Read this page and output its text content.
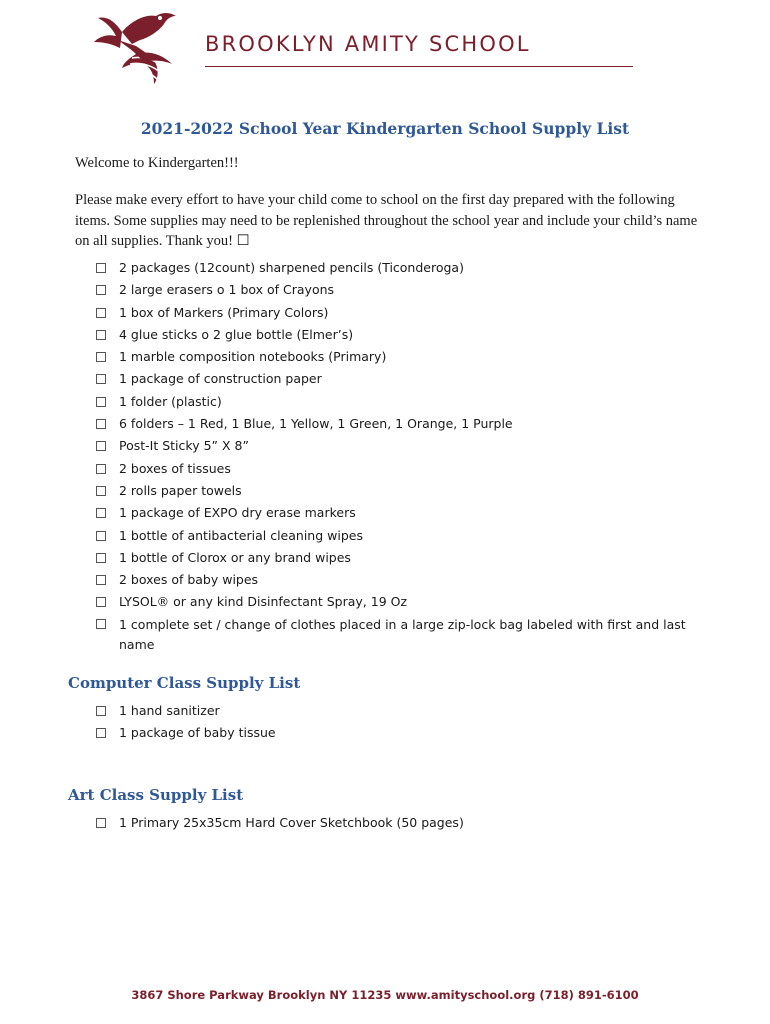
BROOKLYN AMITY SCHOOL
2021-2022 School Year Kindergarten School Supply List
Welcome to Kindergarten!!!
Please make every effort to have your child come to school on the first day prepared with the following items. Some supplies may need to be replenished throughout the school year and include your child’s name on all supplies. Thank you! ☐
2 packages (12count) sharpened pencils (Ticonderoga)
2 large erasers o 1 box of Crayons
1 box of Markers (Primary Colors)
4 glue sticks o 2 glue bottle (Elmer’s)
1 marble composition notebooks (Primary)
1 package of construction paper
1 folder (plastic)
6 folders – 1 Red, 1 Blue, 1 Yellow, 1 Green, 1 Orange, 1 Purple
Post-It Sticky 5” X 8”
2 boxes of tissues
2 rolls paper towels
1 package of EXPO dry erase markers
1 bottle of antibacterial cleaning wipes
1 bottle of Clorox or any brand wipes
2 boxes of baby wipes
LYSOL® or any kind Disinfectant Spray, 19 Oz
1 complete set / change of clothes placed in a large zip-lock bag labeled with first and last name
Computer Class Supply List
1 hand sanitizer
1 package of baby tissue
Art Class Supply List
1 Primary 25x35cm Hard Cover Sketchbook (50 pages)
3867 Shore Parkway Brooklyn NY 11235 www.amityschool.org (718) 891-6100
